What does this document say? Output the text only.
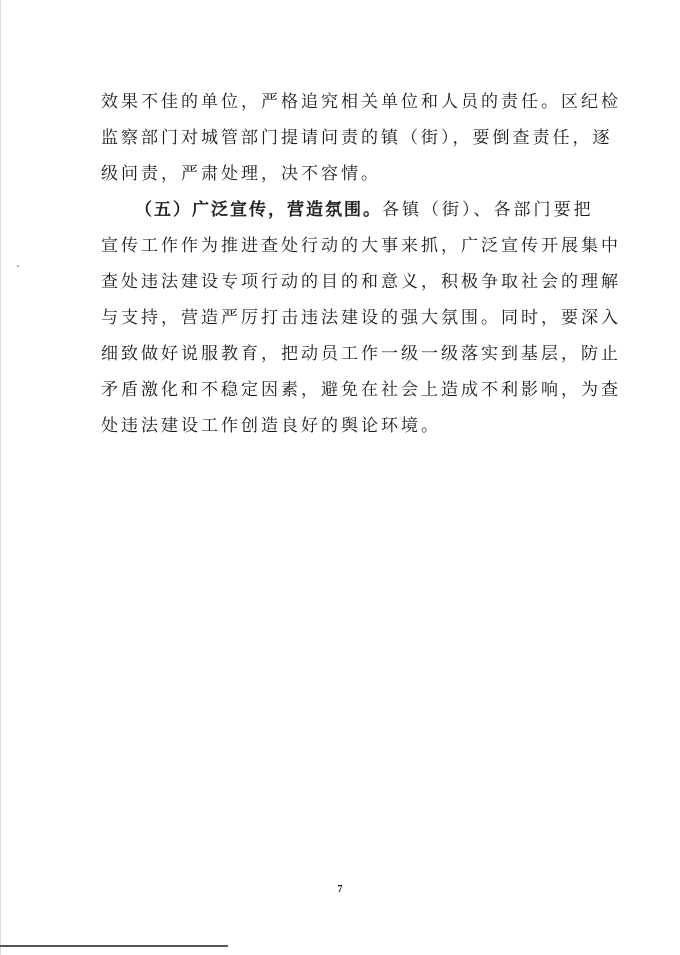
效果不佳的单位，严格追究相关单位和人员的责任。区纪检
监察部门对城管部门提请问责的镇（街），要倒查责任，逐
级问责，严肃处理，决不容情。
（五）广泛宣传，营造氛围。各镇（街）、各部门要把
宣传工作作为推进查处行动的大事来抓，广泛宣传开展集中
查处违法建设专项行动的目的和意义，积极争取社会的理解
与支持，营造严厉打击违法建设的强大氛围。同时，要深入
细致做好说服教育，把动员工作一级一级落实到基层，防止
矛盾激化和不稳定因素，避免在社会上造成不利影响，为查
处违法建设工作创造良好的舆论环境。
7
